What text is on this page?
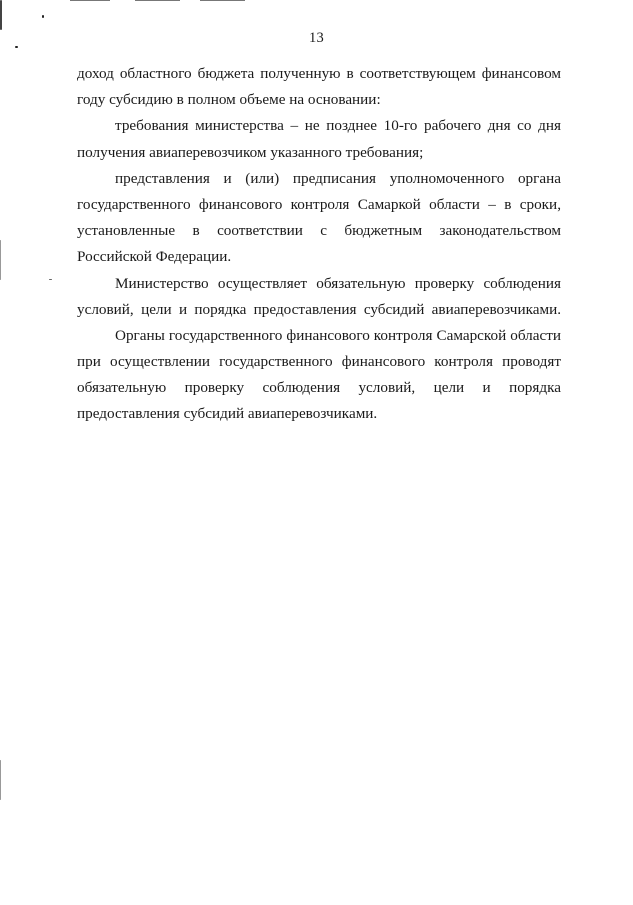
13
доход областного бюджета полученную в соответствующем финансовом
году субсидию в полном объеме на основании:
требования министерства – не позднее 10-го рабочего дня со дня
получения авиаперевозчиком указанного требования;
представления и (или) предписания уполномоченного органа
государственного финансового контроля Самаркой области – в сроки,
установленные в соответствии с бюджетным законодательством
Российской Федерации.
Министерство осуществляет обязательную проверку соблюдения
условий, цели и порядка предоставления субсидий авиаперевозчиками.
Органы государственного финансового контроля Самарской области
при осуществлении государственного финансового контроля проводят
обязательную проверку соблюдения условий, цели и порядка
предоставления субсидий авиаперевозчиками.
